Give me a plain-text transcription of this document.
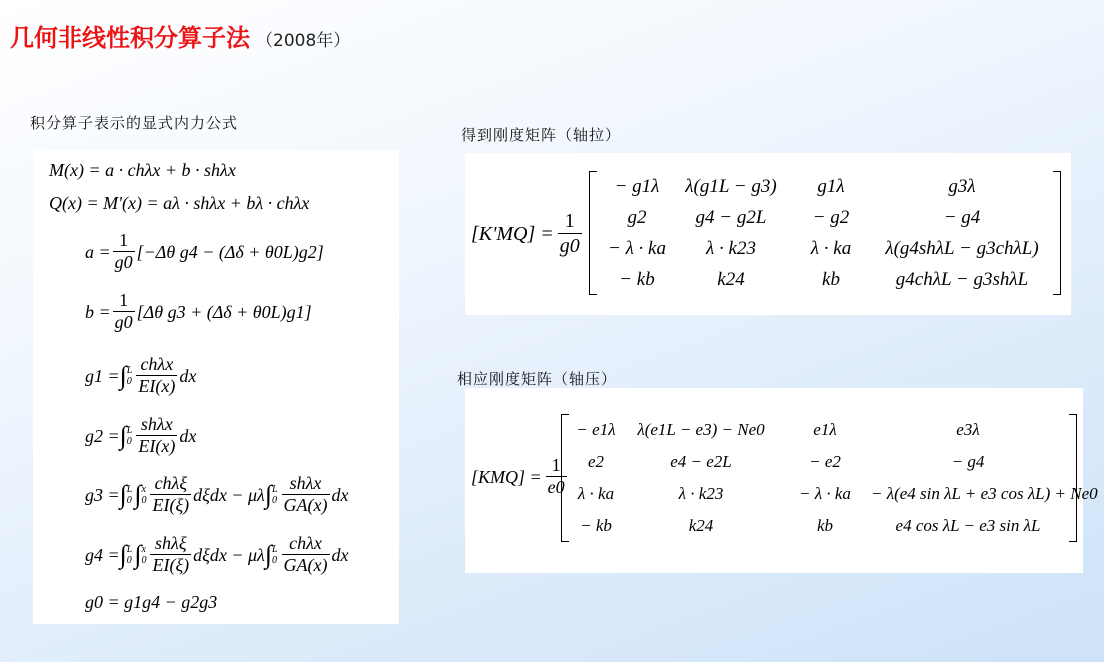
几何非线性积分算子法 （2008年）
积分算子表示的显式内力公式
M(x) = a · chλx + b · shλx
Q(x) = M'(x) = aλ · shλx + bλ · chλx
$a = \frac{1}{g0} [-\Delta\theta$ g4 − (Δδ + θ0L)g2]
$b = \frac{1}{g0} [\Delta\theta$ g3 + (Δδ + θ0L)g1]
g1 = ∫ L
$0 \frac{\text{chλx}}{EI(x)}$ dx
g2 = ∫ L
$0 \frac{\text{shλx}}{EI(x)}$ dx
g3 = ∫ L
0 ∫ x
$0 \frac{\text{chλξ}}{EI(\xi)}$ dξdx − μλ ∫ L
$0 \frac{\text{shλx}}{GA(x)}$ dx
g4 = ∫ L
0 ∫ x
$0 \frac{\text{shλξ}}{EI(\xi)}$ dξdx − μλ ∫ L
$0 \frac{\text{chλx}}{GA(x)}$ dx
g0 = g1g4 − g2g3
得到刚度矩阵（轴拉）
$[K'MQ] = \frac{1}{g0}$
− g1λ	λ(g1L − g3)	g1λ	g3λ
g2	g4 − g2L	− g2	− g4
− λ · ka	λ · k23	λ · ka	λ(g4shλL − g3chλL)
− kb	k24	kb	g4chλL − g3shλL
相应刚度矩阵（轴压）
$[KMQ] = \frac{1}{e0}$
− e1λ	λ(e1L − e3) − Ne0	e1λ	e3λ
e2	e4 − e2L	− e2	− g4
λ · ka	λ · k23	− λ · ka	− λ(e4 sin λL + e3 cos λL) + Ne0
− kb	k24	kb	e4 cos λL − e3 sin λL
